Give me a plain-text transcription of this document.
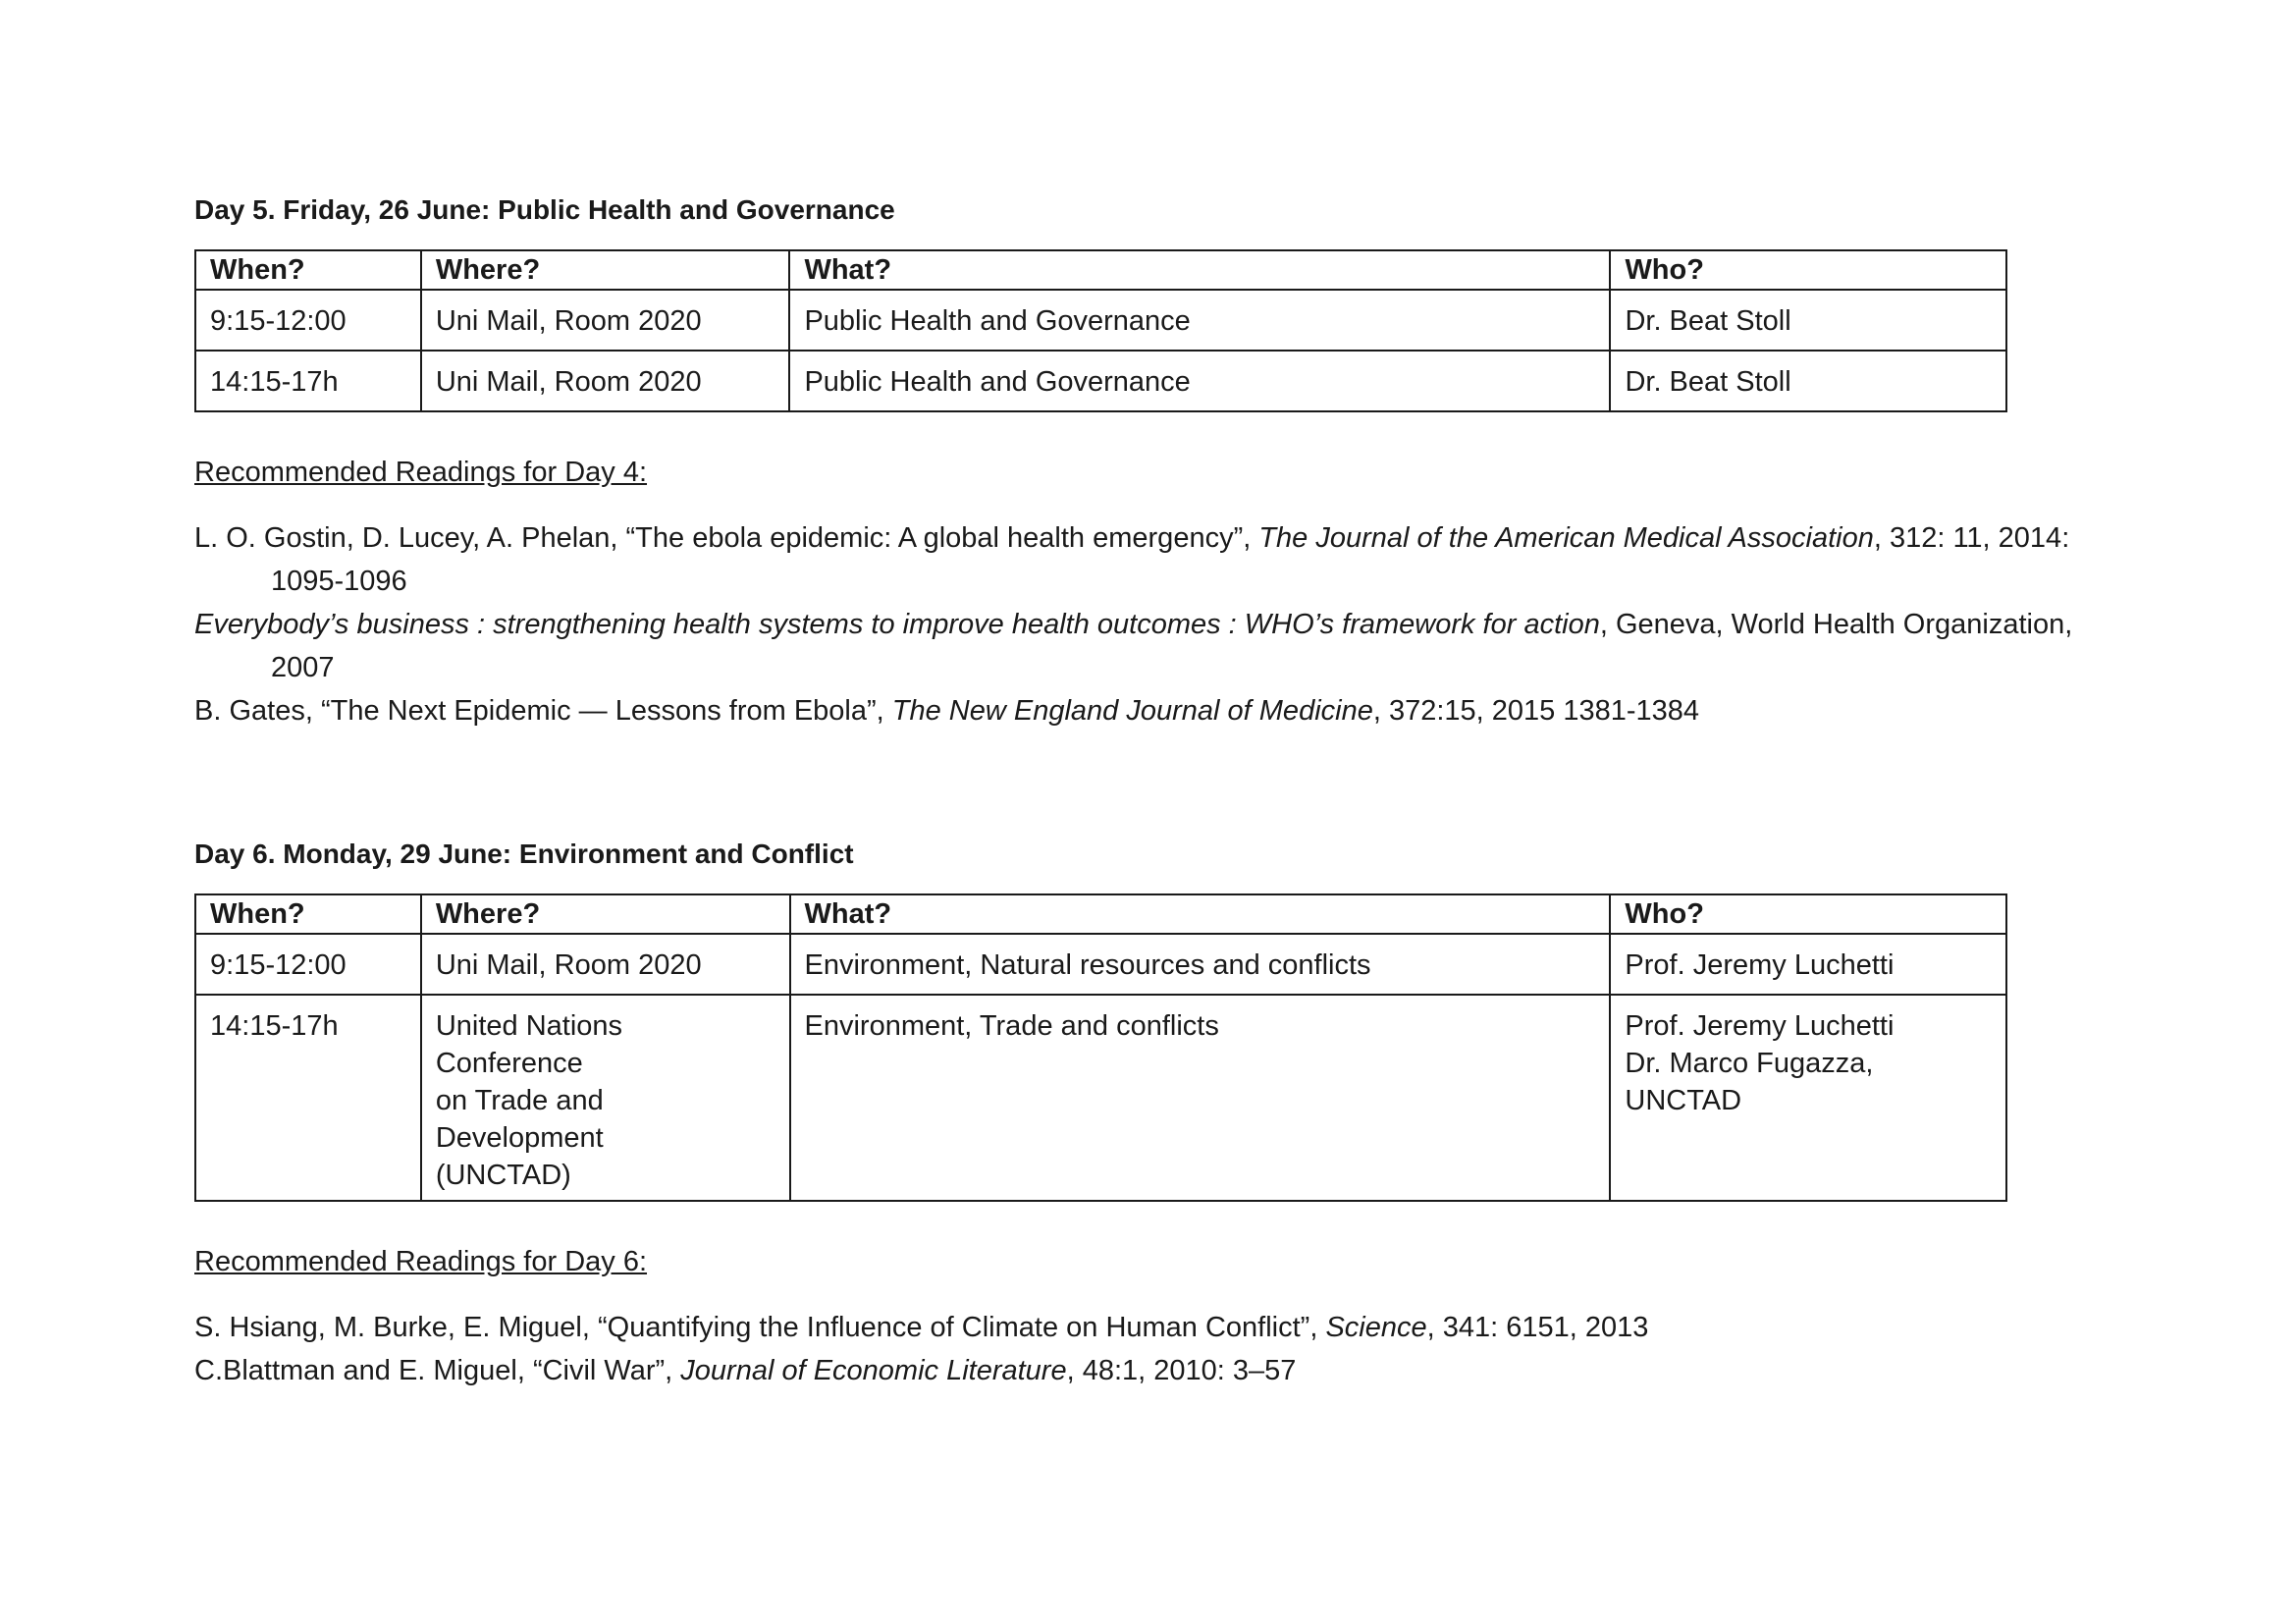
Day 5. Friday, 26 June: Public Health and Governance
When?	Where?	What?	Who?
9:15-12:00	Uni Mail, Room 2020	Public Health and Governance	Dr. Beat Stoll
14:15-17h	Uni Mail, Room 2020	Public Health and Governance	Dr. Beat Stoll
Recommended Readings for Day 4:

L. O. Gostin, D. Lucey, A. Phelan, “The ebola epidemic: A global health emergency”, The Journal of the American Medical Association, 312: 11, 2014: 1095-1096

Everybody’s business : strengthening health systems to improve health outcomes : WHO’s framework for action, Geneva, World Health Organization, 2007

B. Gates, “The Next Epidemic — Lessons from Ebola”, The New England Journal of Medicine, 372:15, 2015 1381-1384

Day 6. Monday, 29 June: Environment and Conflict
When?	Where?	What?	Who?
9:15-12:00	Uni Mail, Room 2020	Environment, Natural resources and conflicts	Prof. Jeremy Luchetti

14:15-17h	United Nations Conference
on Trade and Development
(UNCTAD)	Environment, Trade and conflicts	Prof. Jeremy Luchetti
Dr. Marco Fugazza, UNCTAD
Recommended Readings for Day 6:

S. Hsiang, M. Burke, E. Miguel, “Quantifying the Influence of Climate on Human Conflict”, Science, 341: 6151, 2013

C.Blattman and E. Miguel, “Civil War”, Journal of Economic Literature, 48:1, 2010: 3–57
